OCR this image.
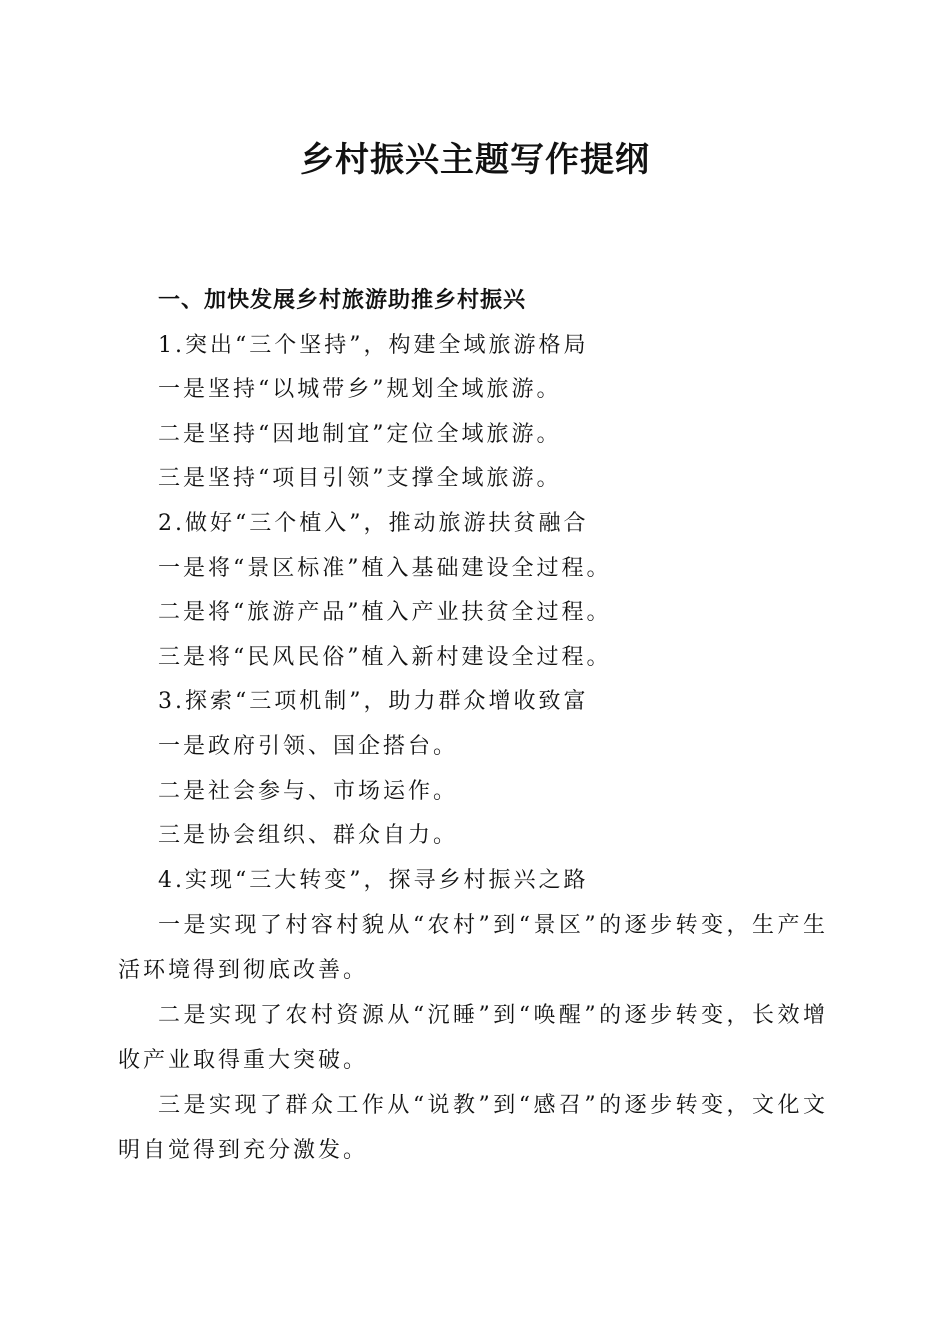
乡村振兴主题写作提纲
一、加快发展乡村旅游助推乡村振兴
1.突出“三个坚持”，构建全域旅游格局
一是坚持“以城带乡”规划全域旅游。
二是坚持“因地制宜”定位全域旅游。
三是坚持“项目引领”支撑全域旅游。
2.做好“三个植入”，推动旅游扶贫融合
一是将“景区标准”植入基础建设全过程。
二是将“旅游产品”植入产业扶贫全过程。
三是将“民风民俗”植入新村建设全过程。
3.探索“三项机制”，助力群众增收致富
一是政府引领、国企搭台。
二是社会参与、市场运作。
三是协会组织、群众自力。
4.实现“三大转变”，探寻乡村振兴之路
一是实现了村容村貌从“农村”到“景区”的逐步转变，生产生活环境得到彻底改善。
二是实现了农村资源从“沉睡”到“唤醒”的逐步转变，长效增收产业取得重大突破。
三是实现了群众工作从“说教”到“感召”的逐步转变，文化文明自觉得到充分激发。
